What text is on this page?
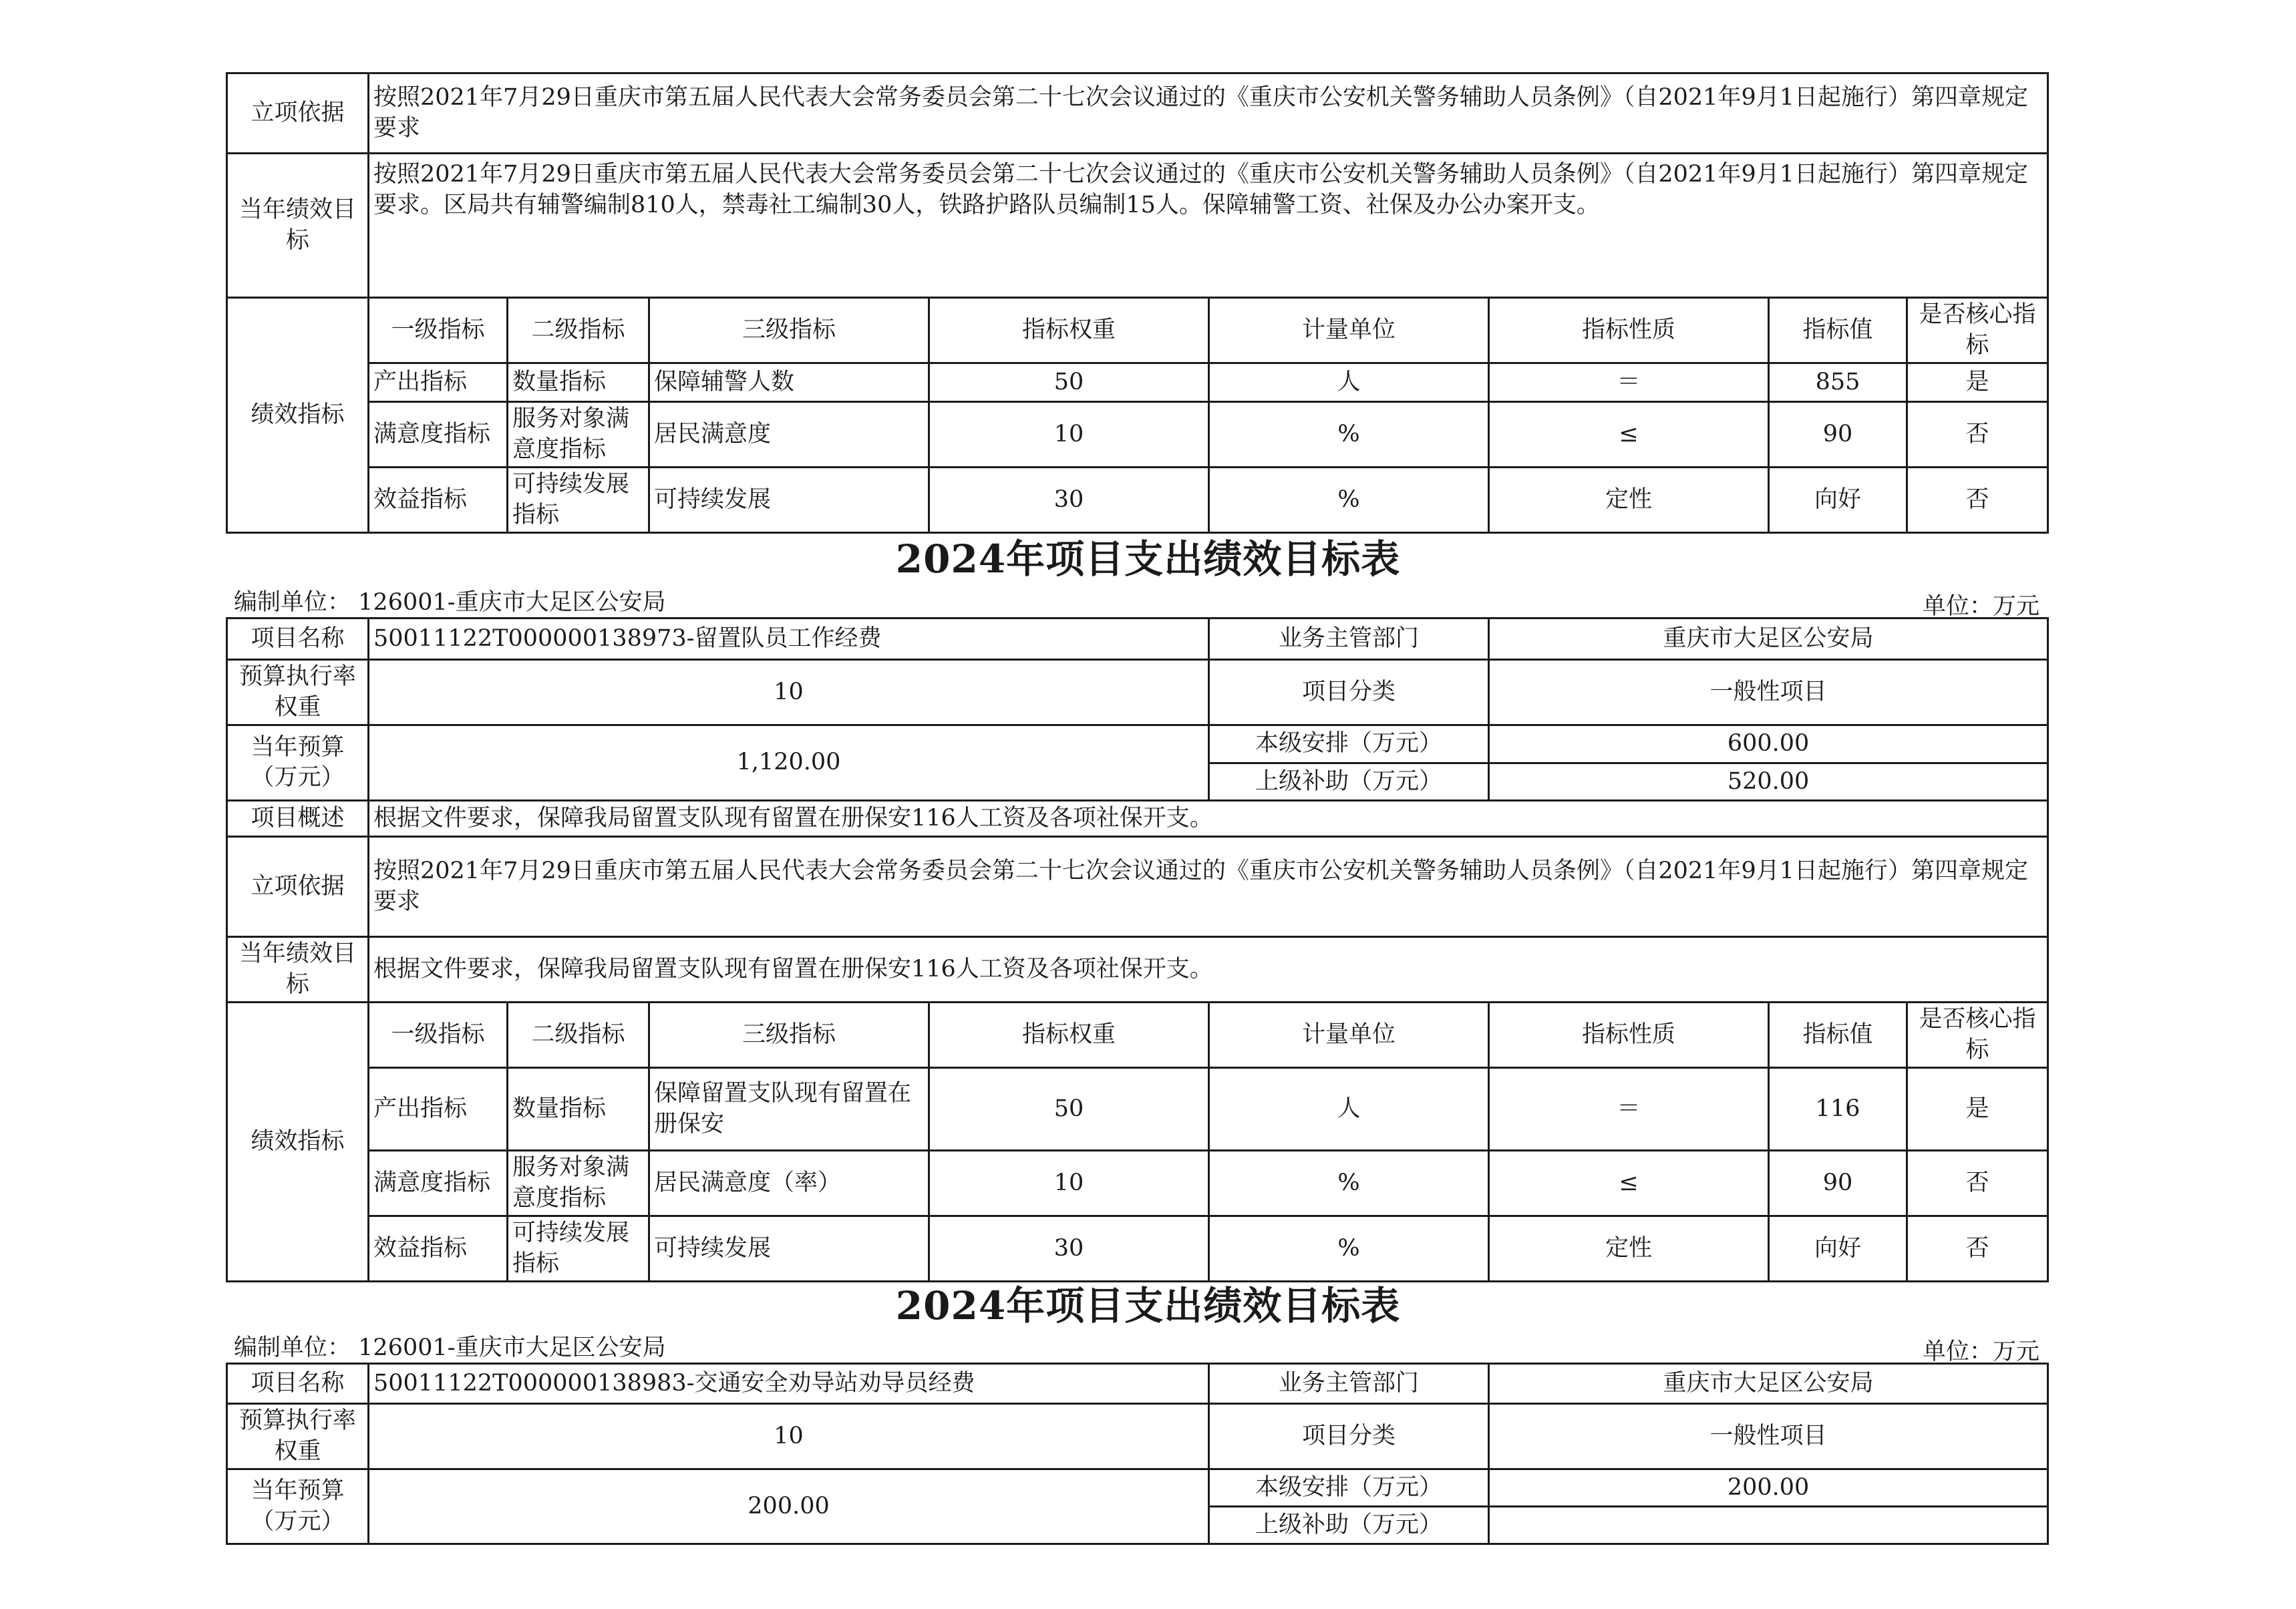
立项依据	按照2021年7月29日重庆市第五届人民代表大会常务委员会第二十七次会议通过的《重庆市公安机关警务辅助人员条例》（自2021年9月1日起施行）第四章规定要求							
当年绩效目标	按照2021年7月29日重庆市第五届人民代表大会常务委员会第二十七次会议通过的《重庆市公安机关警务辅助人员条例》（自2021年9月1日起施行）第四章规定要求。区局共有辅警编制810人，禁毒社工编制30人，铁路护路队员编制15人。保障辅警工资、社保及办公办案开支。							
绩效指标	一级指标	二级指标	三级指标	指标权重	计量单位	指标性质	指标值	是否核心指标
	产出指标	数量指标	保障辅警人数	50	人	＝	855	是
	满意度指标	服务对象满意度指标	居民满意度	10	%	≤	90	否
	效益指标	可持续发展指标	可持续发展	30	%	定性	向好	否
2024年项目支出绩效目标表
编制单位： 126001-重庆市大足区公安局	单位：万元
项目名称	50011122T000000138973-留置队员工作经费				业务主管部门	重庆市大足区公安局		
预算执行率权重	10				项目分类	一般性项目		
当年预算（万元）	1,120.00				本级安排（万元）	600.00		
					上级补助（万元）	520.00		
项目概述	根据文件要求，保障我局留置支队现有留置在册保安116人工资及各项社保开支。							
立项依据	按照2021年7月29日重庆市第五届人民代表大会常务委员会第二十七次会议通过的《重庆市公安机关警务辅助人员条例》（自2021年9月1日起施行）第四章规定要求							
当年绩效目标	根据文件要求，保障我局留置支队现有留置在册保安116人工资及各项社保开支。							
绩效指标	一级指标	二级指标	三级指标	指标权重	计量单位	指标性质	指标值	是否核心指标
	产出指标	数量指标	保障留置支队现有留置在册保安	50	人	＝	116	是
	满意度指标	服务对象满意度指标	居民满意度（率）	10	%	≤	90	否
	效益指标	可持续发展指标	可持续发展	30	%	定性	向好	否
2024年项目支出绩效目标表
编制单位： 126001-重庆市大足区公安局	单位：万元
项目名称	50011122T000000138983-交通安全劝导站劝导员经费	业务主管部门	重庆市大足区公安局
预算执行率权重	10	项目分类	一般性项目
当年预算（万元）	200.00	本级安排（万元）	200.00
		上级补助（万元）	
